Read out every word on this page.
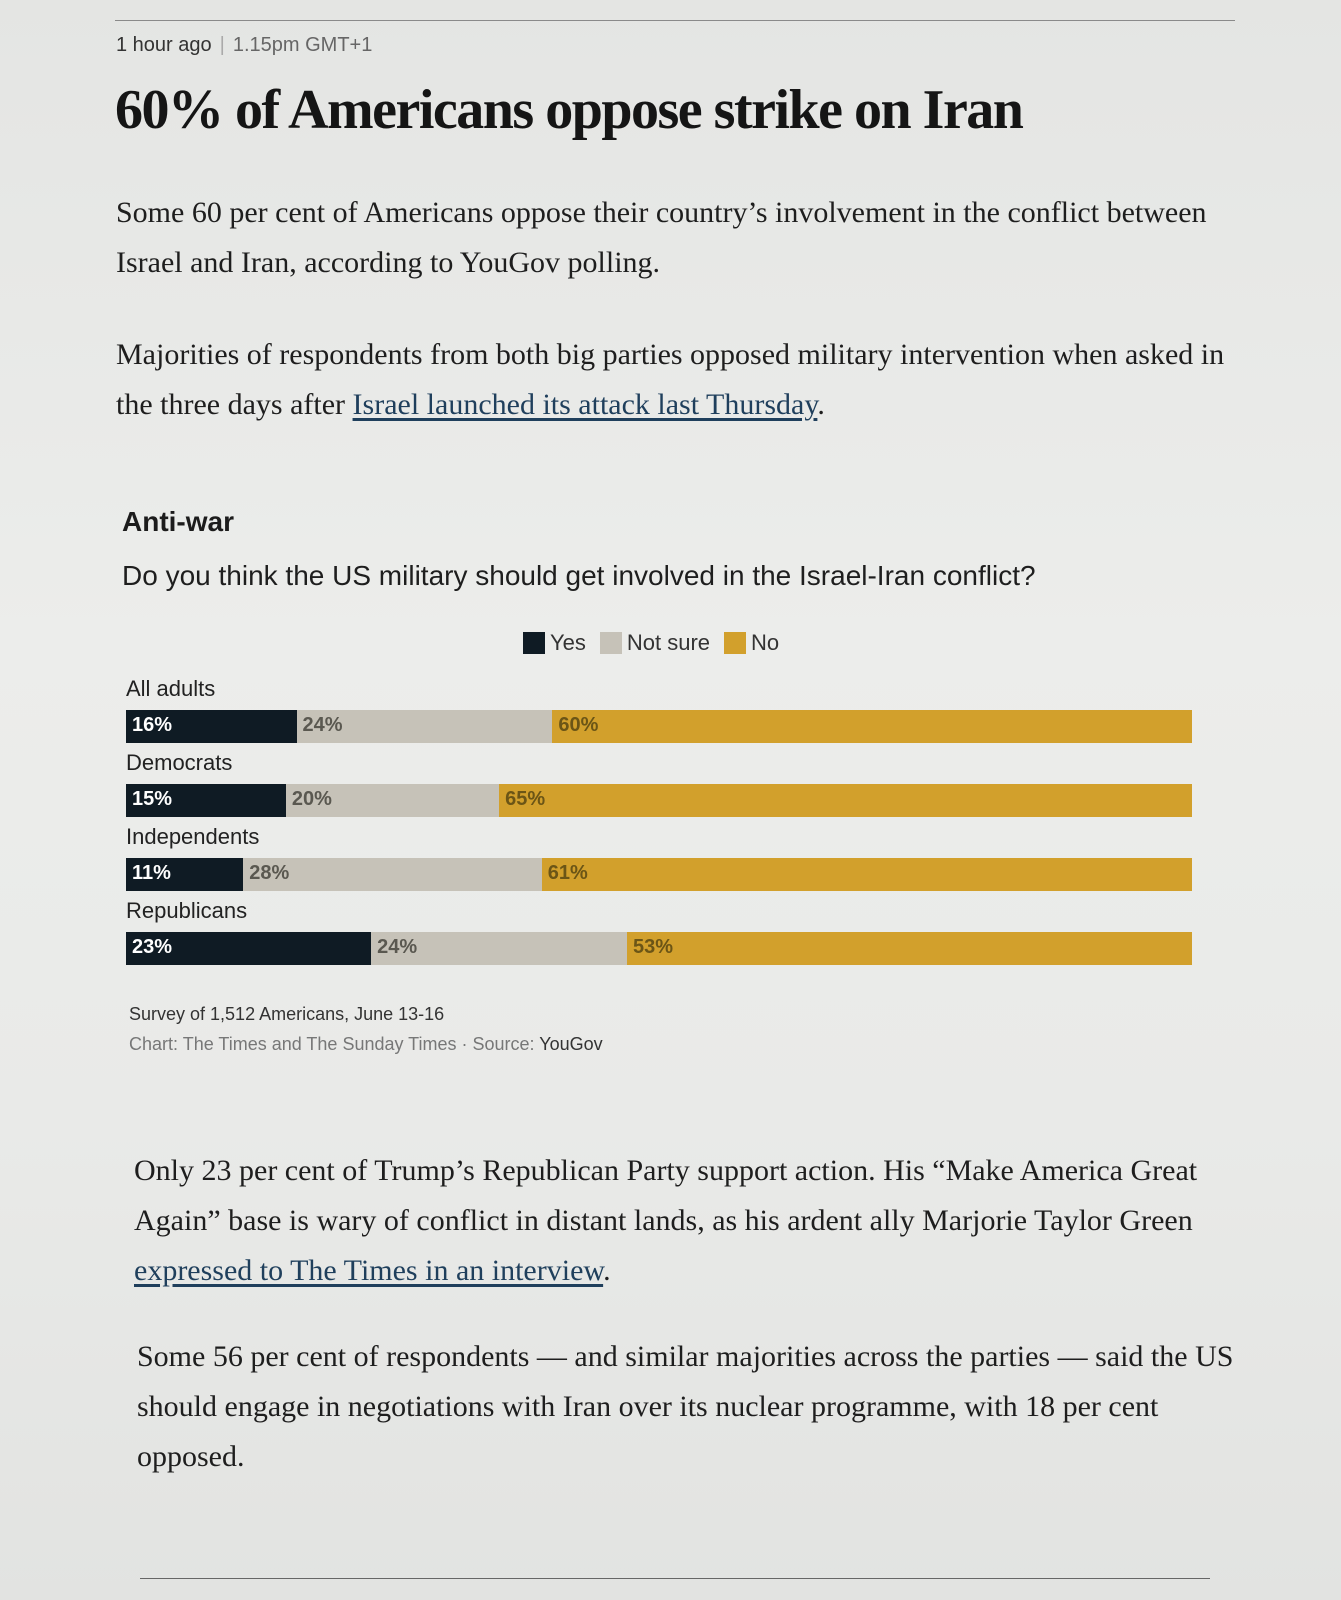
1 hour ago | 1.15pm GMT+1
60% of Americans oppose strike on Iran

Some 60 per cent of Americans oppose their country’s involvement in the conflict between Israel and Iran, according to YouGov polling.

Majorities of respondents from both big parties opposed military intervention when asked in the three days after Israel launched its attack last Thursday.

Anti-war
Do you think the US military should get involved in the Israel-Iran conflict?
Yes Not sure No
All adults
16%	24%	60%
Democrats
15%	20%	65%
Independents
11%	28%	61%
Republicans
23%	24%	53%
Survey of 1,512 Americans, June 13-16
Chart: The Times and The Sunday Times · Source: YouGov

Only 23 per cent of Trump’s Republican Party support action. His “Make America Great Again” base is wary of conflict in distant lands, as his ardent ally Marjorie Taylor Green expressed to The Times in an interview.

Some 56 per cent of respondents — and similar majorities across the parties — said the US should engage in negotiations with Iran over its nuclear programme, with 18 per cent opposed.
